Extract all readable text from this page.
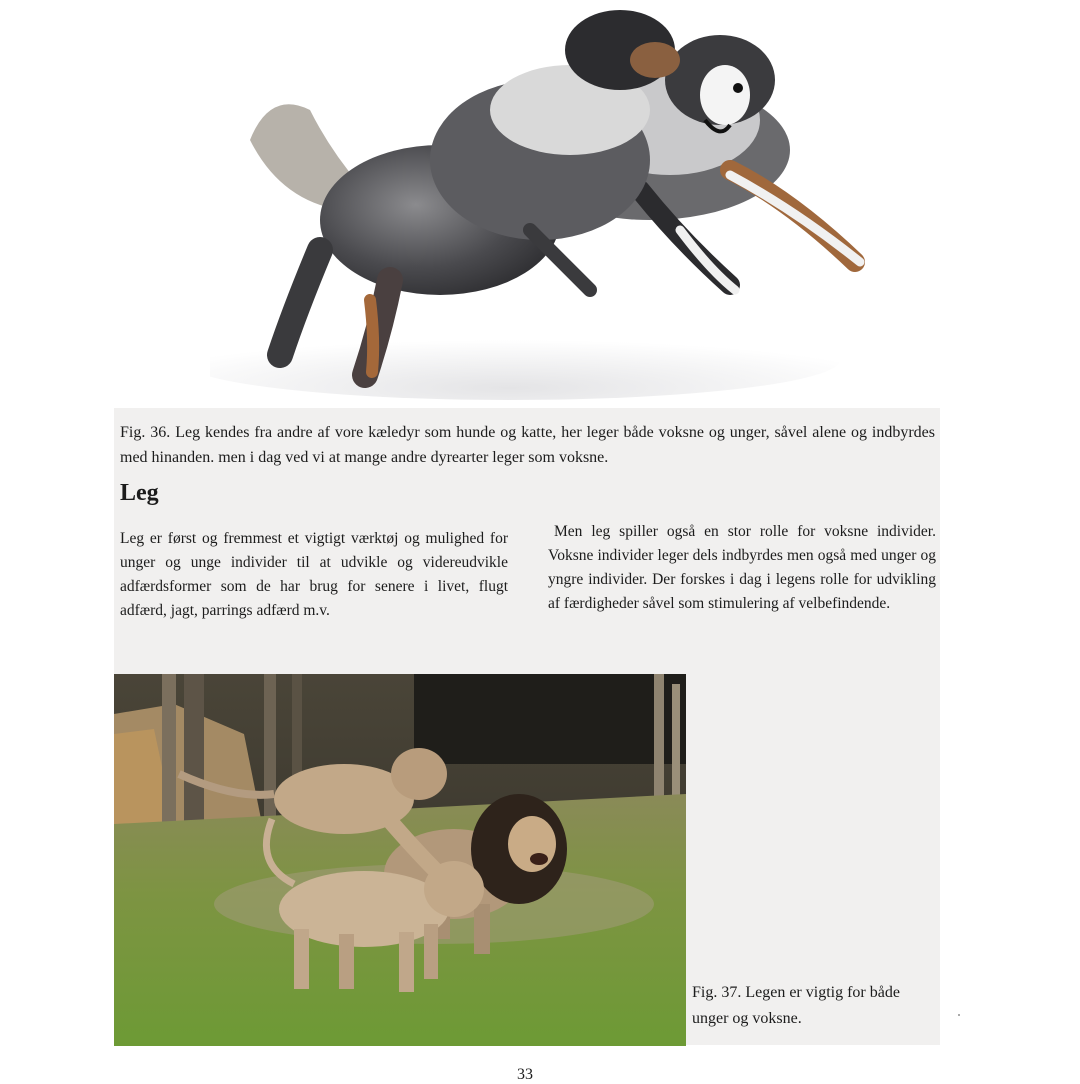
Fig. 36. Leg kendes fra andre af vore kæledyr som hunde og katte, her leger både voksne og unger, såvel alene og indbyrdes med hinanden. men i dag ved vi at mange andre dyrearter leger som voksne.

Leg

Leg er først og fremmest et vigtigt værktøj og mulighed for unger og unge individer til at udvikle og videreudvikle adfærdsformer som de har brug for senere i livet, flugt adfærd, jagt, parrings adfærd m.v.

Men leg spiller også en stor rolle for voksne individer. Voksne individer leger dels indbyrdes men også med unger og yngre individer. Der forskes i dag i legens rolle for udvikling af færdigheder såvel som stimulering af velbefindende.

Fig. 37. Legen er vigtig for både unger og voksne.

33
